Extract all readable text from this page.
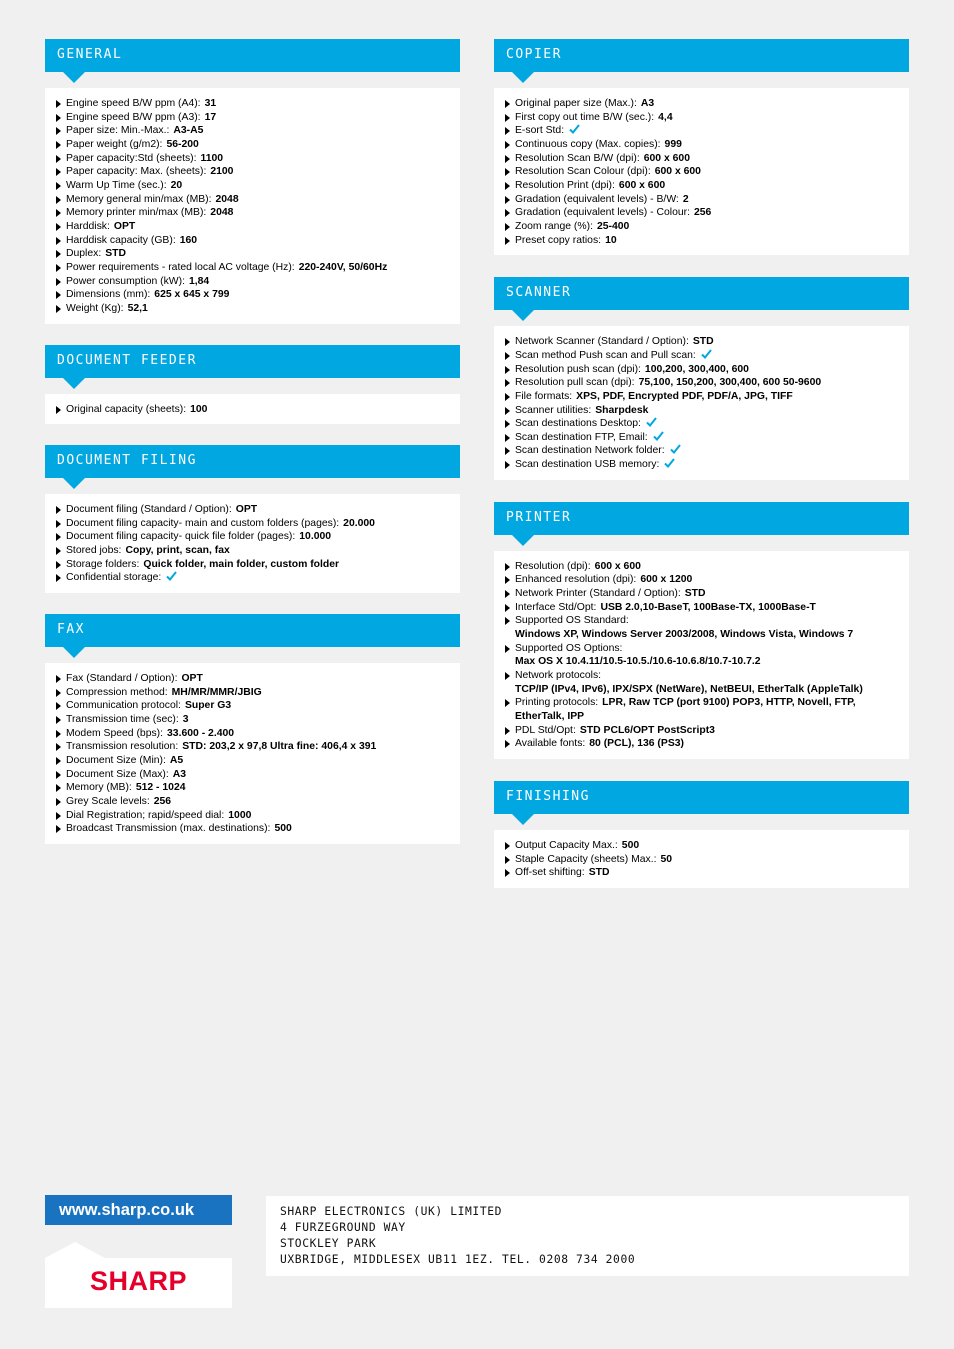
GENERAL
Engine speed B/W ppm (A4): 31
Engine speed B/W ppm (A3): 17
Paper size: Min.-Max.: A3-A5
Paper weight (g/m2): 56-200
Paper capacity:Std (sheets): 1100
Paper capacity: Max. (sheets): 2100
Warm Up Time (sec.): 20
Memory general min/max (MB): 2048
Memory printer min/max (MB): 2048
Harddisk: OPT
Harddisk capacity (GB): 160
Duplex: STD
Power requirements - rated local AC voltage (Hz): 220-240V, 50/60Hz
Power consumption (kW): 1,84
Dimensions (mm): 625 x 645 x 799
Weight (Kg): 52,1
DOCUMENT FEEDER
Original capacity (sheets): 100
DOCUMENT FILING
Document filing (Standard / Option): OPT
Document filing capacity- main and custom folders (pages): 20.000
Document filing capacity- quick file folder (pages): 10.000
Stored jobs: Copy, print, scan, fax
Storage folders: Quick folder, main folder, custom folder
Confidential storage:
FAX
Fax (Standard / Option): OPT
Compression method: MH/MR/MMR/JBIG
Communication protocol: Super G3
Transmission time (sec): 3
Modem Speed (bps): 33.600 - 2.400
Transmission resolution: STD: 203,2 x 97,8 Ultra fine: 406,4 x 391
Document Size (Min): A5
Document Size (Max): A3
Memory (MB): 512 - 1024
Grey Scale levels: 256
Dial Registration; rapid/speed dial: 1000
Broadcast Transmission (max. destinations): 500
COPIER
Original paper size (Max.): A3
First copy out time B/W (sec.): 4,4
E-sort Std:
Continuous copy (Max. copies): 999
Resolution Scan B/W (dpi): 600 x 600
Resolution Scan Colour (dpi): 600 x 600
Resolution Print (dpi): 600 x 600
Gradation (equivalent levels) - B/W: 2
Gradation (equivalent levels) - Colour: 256
Zoom range (%): 25-400
Preset copy ratios: 10
SCANNER
Network Scanner (Standard / Option): STD
Scan method Push scan and Pull scan:
Resolution push scan (dpi): 100,200, 300,400, 600
Resolution pull scan (dpi): 75,100, 150,200, 300,400, 600 50-9600
File formats: XPS, PDF, Encrypted PDF, PDF/A, JPG, TIFF
Scanner utilities: Sharpdesk
Scan destinations Desktop:
Scan destination FTP, Email:
Scan destination Network folder:
Scan destination USB memory:
PRINTER
Resolution (dpi): 600 x 600
Enhanced resolution (dpi): 600 x 1200
Network Printer (Standard / Option): STD
Interface Std/Opt: USB 2.0,10-BaseT, 100Base-TX, 1000Base-T
Supported OS Standard:
Windows XP, Windows Server 2003/2008, Windows Vista, Windows 7
Supported OS Options:
Max OS X 10.4.11/10.5-10.5./10.6-10.6.8/10.7-10.7.2
Network protocols:
TCP/IP (IPv4, IPv6), IPX/SPX (NetWare), NetBEUI, EtherTalk (AppleTalk)
Printing protocols: LPR, Raw TCP (port 9100) POP3, HTTP, Novell, FTP,
EtherTalk, IPP
PDL Std/Opt: STD PCL6/OPT PostScript3
Available fonts: 80 (PCL), 136 (PS3)
FINISHING
Output Capacity Max.: 500
Staple Capacity (sheets) Max.: 50
Off-set shifting: STD
www.sharp.co.uk
SHARP
SHARP ELECTRONICS (UK) LIMITED
4 FURZEGROUND WAY
STOCKLEY PARK
UXBRIDGE, MIDDLESEX UB11 1EZ. TEL. 0208 734 2000
